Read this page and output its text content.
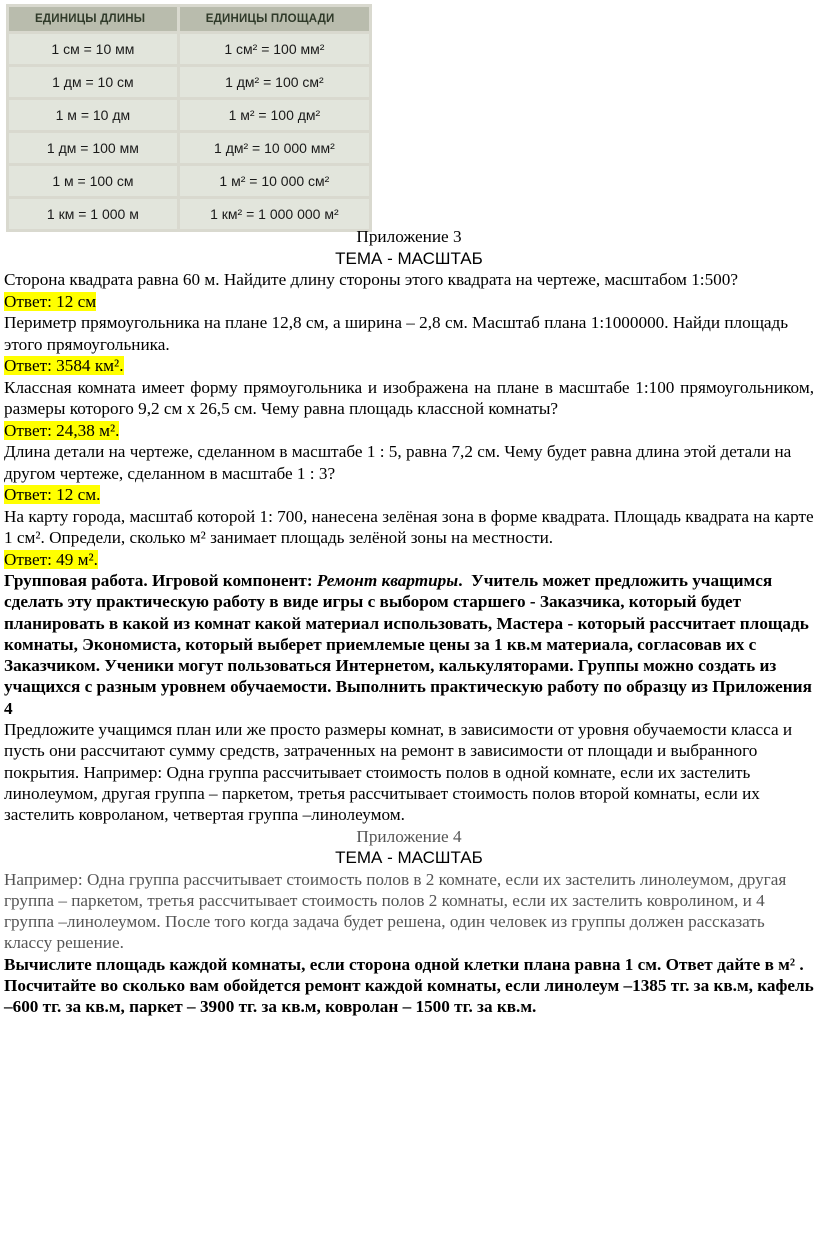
ЕДИНИЦЫ ДЛИНЫ	ЕДИНИЦЫ ПЛОЩАДИ
1 см = 10 мм	1 см² = 100 мм²
1 дм = 10 см	1 дм² = 100 см²
1 м = 10 дм	1 м² = 100 дм²
1 дм = 100 мм	1 дм² = 10 000 мм²
1 м = 100 см	1 м² = 10 000 см²
1 км = 1 000 м	1 км² = 1 000 000 м²

Приложение 3

ТЕМА - МАСШТАБ

Сторона квадрата равна 60 м. Найдите длину стороны этого квадрата на чертеже, масштабом 1:500?

Ответ: 12 см

Периметр прямоугольника на плане 12,8 см, а ширина – 2,8 см. Масштаб плана 1:1000000. Найди площадь этого прямоугольника.

Ответ: 3584 км².

Классная комната имеет форму прямоугольника и изображена на плане в масштабе 1:100 прямоугольником, размеры которого 9,2 см х 26,5 см. Чему равна площадь классной комнаты?

Ответ: 24,38 м².

Длина детали на чертеже, сделанном в масштабе 1 : 5, равна 7,2 см. Чему будет равна длина этой детали на другом чертеже, сделанном в масштабе 1 : 3?

Ответ: 12 см.

На карту города, масштаб которой 1: 700, нанесена зелёная зона в форме квадрата. Площадь квадрата на карте 1 см². Определи, сколько м² занимает площадь зелёной зоны на местности.

Ответ: 49 м².

Групповая работа. Игровой компонент: Ремонт квартиры. Учитель может предложить учащимся сделать эту практическую работу в виде игры с выбором старшего - Заказчика, который будет планировать в какой из комнат какой материал использовать, Мастера - который рассчитает площадь комнаты, Экономиста, который выберет приемлемые цены за 1 кв.м материала, согласовав их с Заказчиком. Ученики могут пользоваться Интернетом, калькуляторами. Группы можно создать из учащихся с разным уровнем обучаемости. Выполнить практическую работу по образцу из Приложения 4

Предложите учащимся план или же просто размеры комнат, в зависимости от уровня обучаемости класса и пусть они рассчитают сумму средств, затраченных на ремонт в зависимости от площади и выбранного покрытия. Например: Одна группа рассчитывает стоимость полов в одной комнате, если их застелить линолеумом, другая группа – паркетом, третья рассчитывает стоимость полов второй комнаты, если их застелить ковроланом, четвертая группа –линолеумом.

Приложение 4

ТЕМА - МАСШТАБ

Например: Одна группа рассчитывает стоимость полов в 2 комнате, если их застелить линолеумом, другая группа – паркетом, третья рассчитывает стоимость полов 2 комнаты, если их застелить ковролином, и 4 группа –линолеумом. После того когда задача будет решена, один человек из группы должен рассказать классу решение.

Вычислите площадь каждой комнаты, если сторона одной клетки плана равна 1 см. Ответ дайте в м² . Посчитайте во сколько вам обойдется ремонт каждой комнаты, если линолеум –1385 тг. за кв.м, кафель –600 тг. за кв.м, паркет – 3900 тг. за кв.м, ковролан – 1500 тг. за кв.м.
